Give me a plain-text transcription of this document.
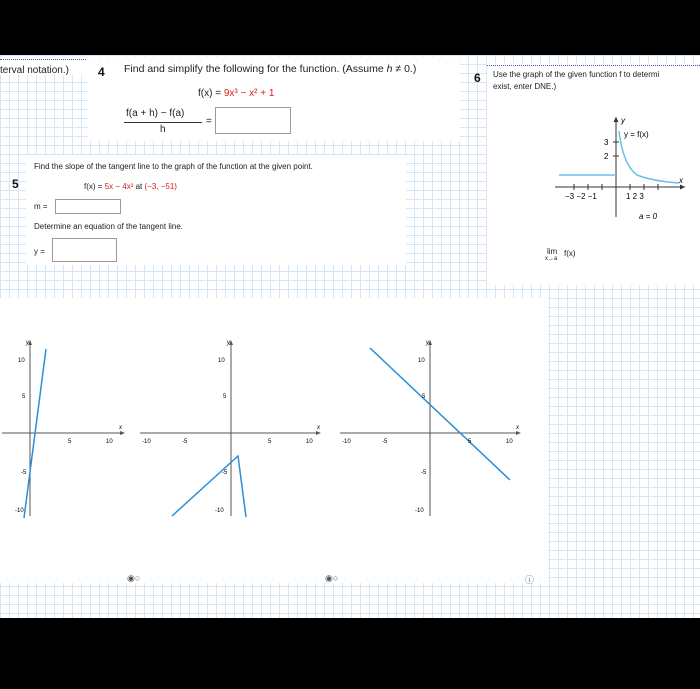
terval notation.) 4 Find and simplify the following for the function. (Assume h ≠ 0.)
f(x) = 9x³ − x² + 1
f(a + h) − f(a)
h
=
6 Use the graph of the given function f to determi
exist, enter DNE.)
y
x
3
2
−3 −2 −1	1 2 3
y = f(x)
a = 0
lim
x→a
f(x)
Find the slope of the tangent line to the graph of the function at the given point.
f(x) = 5x − 4x² at (−3, −51)
m =
Determine an equation of the tangent line.
y =
5
y
x
10
5
-5
-10
5	10
◉○
y
x
10
5
-5
-10
-10	-5	5	10
◉○
y
x
10
5
-5
-10
-10	-5	5	10
ⓘ
